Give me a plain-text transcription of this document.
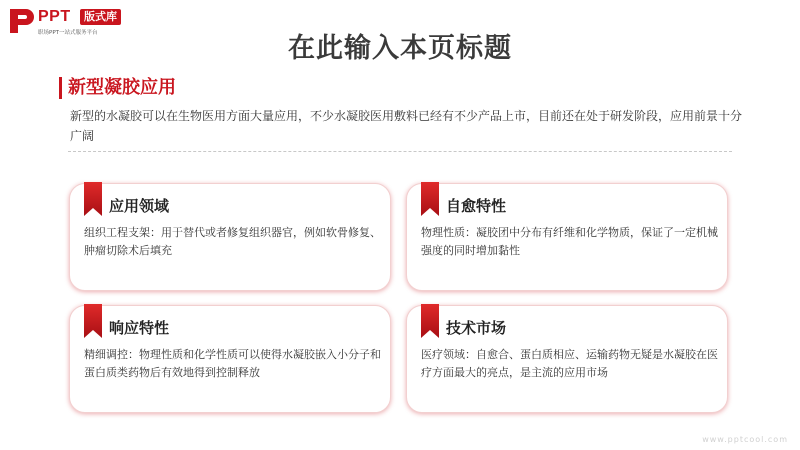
PPT	版式库
职场PPT一站式服务平台	在此输入本页标题
新型凝胶应用
新型的水凝胶可以在生物医用方面大量应用，不少水凝胶医用敷料已经有不少产品上市，目前还在处于研发阶段，应用前景十分广阔
应用领域
组织工程支架：用于替代或者修复组织器官，例如软骨修复、肿瘤切除术后填充
自愈特性
物理性质：凝胶团中分布有纤维和化学物质，保证了一定机械强度的同时增加黏性
响应特性
精细调控：物理性质和化学性质可以使得水凝胶嵌入小分子和蛋白质类药物后有效地得到控制释放
技术市场
医疗领域：自愈合、蛋白质相应、运输药物无疑是水凝胶在医疗方面最大的亮点，是主流的应用市场
www.pptcool.com
